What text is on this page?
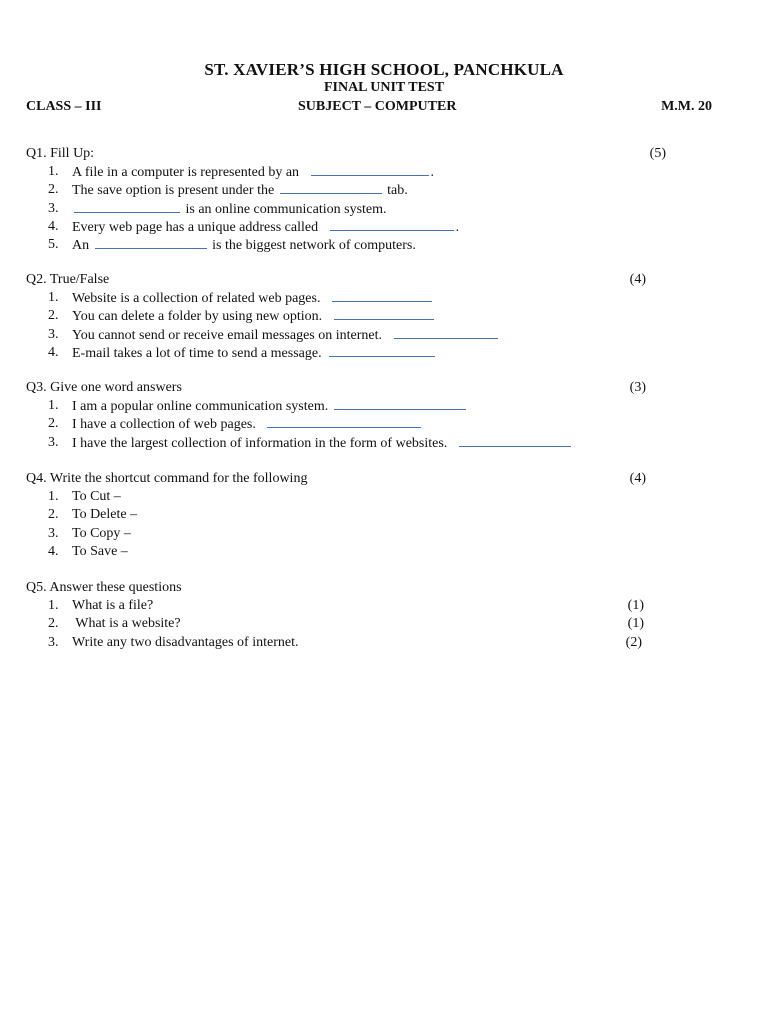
ST. XAVIER’S HIGH SCHOOL, PANCHKULA
FINAL UNIT TEST
CLASS – III	SUBJECT – COMPUTER	M.M. 20
Q1. Fill Up:	(5)
1. A file in a computer is represented by an	.
2. The save option is present under the	tab.
3.	is an online communication system.
4. Every web page has a unique address called	.
5. An	is the biggest network of computers.
Q2. True/False	(4)
1. Website is a collection of related web pages.
2. You can delete a folder by using new option.
3. You cannot send or receive email messages on internet.
4. E-mail takes a lot of time to send a message.
Q3. Give one word answers	(3)
1. I am a popular online communication system.
2. I have a collection of web pages.
3. I have the largest collection of information in the form of websites.
Q4. Write the shortcut command for the following	(4)
1. To Cut –
2. To Delete –
3. To Copy –
4. To Save –
Q5. Answer these questions
1. What is a file?	(1)
2. What is a website?	(1)
3. Write any two disadvantages of internet.	(2)
